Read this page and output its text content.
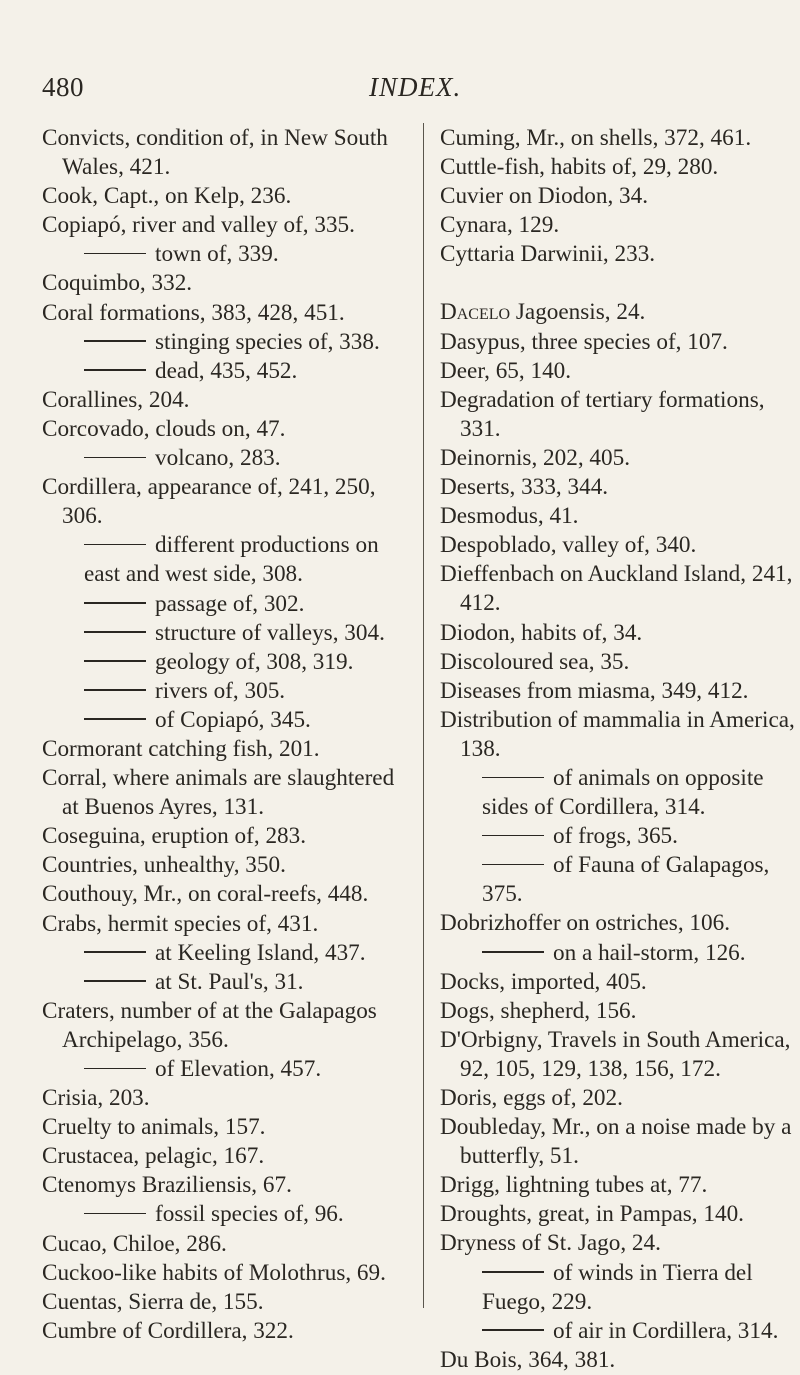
480	INDEX.

Convicts, condition of, in New South Wales, 421.

Cook, Capt., on Kelp, 236.

Copiapó, river and valley of, 335.

town of, 339.

Coquimbo, 332.

Coral formations, 383, 428, 451.

stinging species of, 338.

dead, 435, 452.

Corallines, 204.

Corcovado, clouds on, 47.

volcano, 283.

Cordillera, appearance of, 241, 250, 306.

different productions on east and west side, 308.

passage of, 302.

structure of valleys, 304.

geology of, 308, 319.

rivers of, 305.

of Copiapó, 345.

Cormorant catching fish, 201.

Corral, where animals are slaughtered at Buenos Ayres, 131.

Coseguina, eruption of, 283.

Countries, unhealthy, 350.

Couthouy, Mr., on coral-reefs, 448.

Crabs, hermit species of, 431.

at Keeling Island, 437.

at St. Paul's, 31.

Craters, number of at the Galapagos Archipelago, 356.

of Elevation, 457.

Crisia, 203.

Cruelty to animals, 157.

Crustacea, pelagic, 167.

Ctenomys Braziliensis, 67.

fossil species of, 96.

Cucao, Chiloe, 286.

Cuckoo-like habits of Molothrus, 69.

Cuentas, Sierra de, 155.

Cumbre of Cordillera, 322.

Cuming, Mr., on shells, 372, 461.

Cuttle-fish, habits of, 29, 280.

Cuvier on Diodon, 34.

Cynara, 129.

Cyttaria Darwinii, 233.

Dacelo Jagoensis, 24.

Dasypus, three species of, 107.

Deer, 65, 140.

Degradation of tertiary formations, 331.

Deinornis, 202, 405.

Deserts, 333, 344.

Desmodus, 41.

Despoblado, valley of, 340.

Dieffenbach on Auckland Island, 241, 412.

Diodon, habits of, 34.

Discoloured sea, 35.

Diseases from miasma, 349, 412.

Distribution of mammalia in America, 138.

of animals on opposite sides of Cordillera, 314.

of frogs, 365.

of Fauna of Galapagos, 375.

Dobrizhoffer on ostriches, 106.

on a hail-storm, 126.

Docks, imported, 405.

Dogs, shepherd, 156.

D'Orbigny, Travels in South America, 92, 105, 129, 138, 156, 172.

Doris, eggs of, 202.

Doubleday, Mr., on a noise made by a butterfly, 51.

Drigg, lightning tubes at, 77.

Droughts, great, in Pampas, 140.

Dryness of St. Jago, 24.

of winds in Tierra del Fuego, 229.

of air in Cordillera, 314.

Du Bois, 364, 381.
